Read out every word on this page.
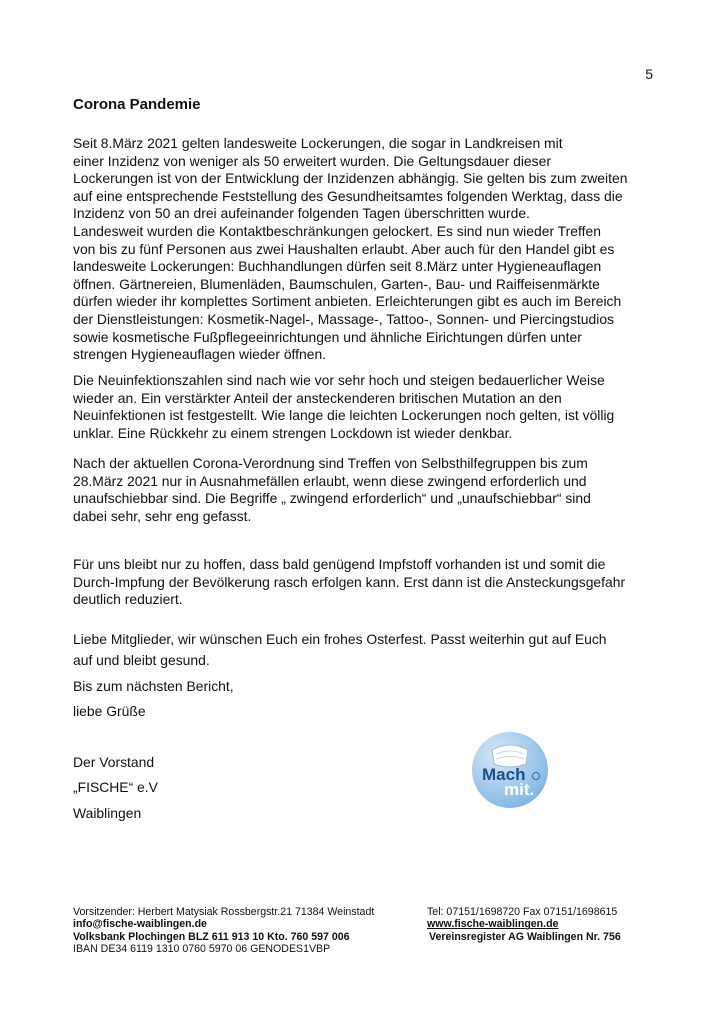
5
Corona Pandemie
Seit 8.März 2021 gelten landesweite Lockerungen, die sogar in Landkreisen mit
einer Inzidenz von weniger als 50 erweitert wurden. Die Geltungsdauer dieser
Lockerungen ist von der Entwicklung der Inzidenzen abhängig. Sie gelten bis zum zweiten
auf eine entsprechende Feststellung des Gesundheitsamtes folgenden Werktag, dass die
Inzidenz von 50 an drei aufeinander folgenden Tagen überschritten wurde.
Landesweit wurden die Kontaktbeschränkungen gelockert. Es sind nun wieder Treffen
von bis zu fünf Personen aus zwei Haushalten erlaubt. Aber auch für den Handel gibt es
landesweite Lockerungen: Buchhandlungen dürfen seit 8.März unter Hygieneauflagen
öffnen. Gärtnereien, Blumenläden, Baumschulen, Garten-, Bau- und Raiffeisenmärkte
dürfen wieder ihr komplettes Sortiment anbieten. Erleichterungen gibt es auch im Bereich
der Dienstleistungen: Kosmetik-Nagel-, Massage-, Tattoo-, Sonnen- und Piercingstudios
sowie kosmetische Fußpflegeeinrichtungen und ähnliche Eirichtungen dürfen unter
strengen Hygieneauflagen wieder öffnen.
Die Neuinfektionszahlen sind nach wie vor sehr hoch und steigen bedauerlicher Weise
wieder an. Ein verstärkter Anteil der ansteckenderen britischen Mutation an den
Neuinfektionen ist festgestellt. Wie lange die leichten Lockerungen noch gelten, ist völlig
unklar. Eine Rückkehr zu einem strengen Lockdown ist wieder denkbar.
Nach der aktuellen Corona-Verordnung sind Treffen von Selbsthilfegruppen bis zum
28.März 2021 nur in Ausnahmefällen erlaubt, wenn diese zwingend erforderlich und
unaufschiebbar sind. Die Begriffe „ zwingend erforderlich“ und „unaufschiebbar“ sind
dabei sehr, sehr eng gefasst.
Für uns bleibt nur zu hoffen, dass bald genügend Impfstoff vorhanden ist und somit die
Durch-Impfung der Bevölkerung rasch erfolgen kann. Erst dann ist die Ansteckungsgefahr
deutlich reduziert.
Liebe Mitglieder, wir wünschen Euch ein frohes Osterfest. Passt weiterhin gut auf Euch
auf und bleibt gesund.
Bis zum nächsten Bericht,
liebe Grüße
Der Vorstand
„FISCHE“ e.V
Waiblingen
Mach
mit.
Vorsitzender: Herbert Matysiak Rossbergstr.21 71384 Weinstadt	Tel: 07151/1698720 Fax 07151/1698615
info@fische-waiblingen.de	www.fische-waiblingen.de
Volksbank Plochingen BLZ 611 913 10 Kto. 760 597 006	Vereinsregister AG Waiblingen Nr. 756
IBAN DE34 6119 1310 0760 5970 06 GENODES1VBP
